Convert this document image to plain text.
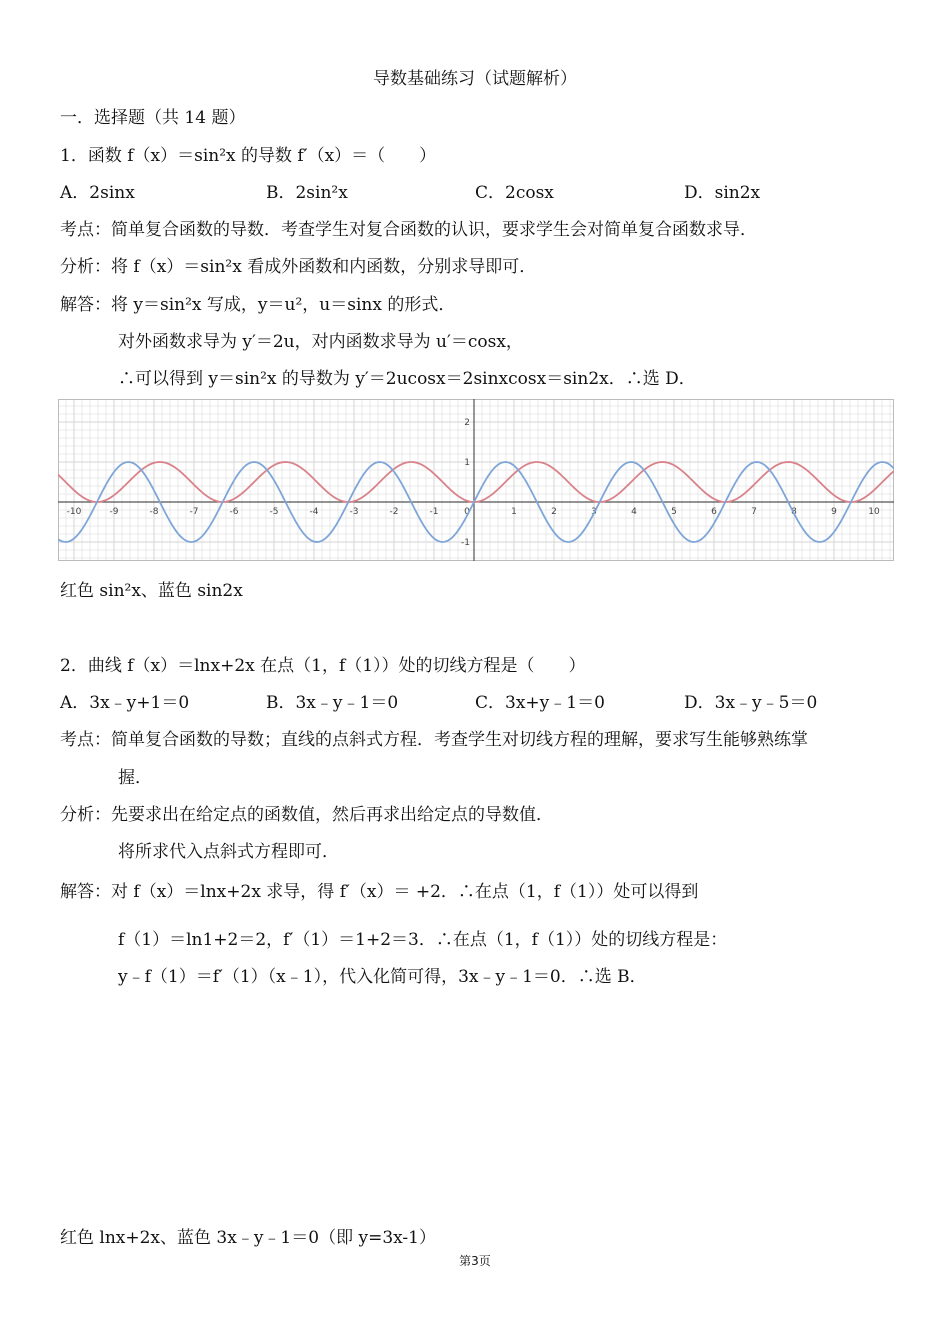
导数基础练习（试题解析）
一．选择题（共 14 题）
1．函数 f（x）＝sin²x 的导数 f′（x）＝（　　）
A．2sinx	B．2sin²x	C．2cosx	D．sin2x
考点：简单复合函数的导数．考查学生对复合函数的认识，要求学生会对简单复合函数求导．
分析：将 f（x）＝sin²x 看成外函数和内函数，分别求导即可．
解答：将 y＝sin²x 写成，y＝u²，u＝sinx 的形式．
对外函数求导为 y′＝2u，对内函数求导为 u′＝cosx，
∴可以得到 y＝sin²x 的导数为 y′＝2ucosx＝2sinxcosx＝sin2x．∴选 D．
-10	-9	-8	-7	-6	-5	-4	-3	-2	-1	0	1	2	3	4	5	6	7	8	9	10
2
1
-1
红色 sin²x、蓝色 sin2x
2．曲线 f（x）＝lnx+2x 在点（1，f（1））处的切线方程是（　　）
A．3x﹣y+1＝0	B．3x﹣y﹣1＝0	C．3x+y﹣1＝0	D．3x﹣y﹣5＝0
考点：简单复合函数的导数；直线的点斜式方程．考查学生对切线方程的理解，要求写生能够熟练掌
握．
分析：先要求出在给定点的函数值，然后再求出给定点的导数值．
将所求代入点斜式方程即可．
解答：对 f（x）＝lnx+2x 求导，得 f′（x）＝ +2．∴在点（1，f（1））处可以得到
f（1）＝ln1+2＝2，f′（1）＝1+2＝3．∴在点（1，f（1））处的切线方程是：
y﹣f（1）＝f′（1）（x﹣1），代入化简可得，3x﹣y﹣1＝0．∴选 B．
红色 lnx+2x、蓝色 3x﹣y﹣1＝0（即 y=3x-1）
第3页
